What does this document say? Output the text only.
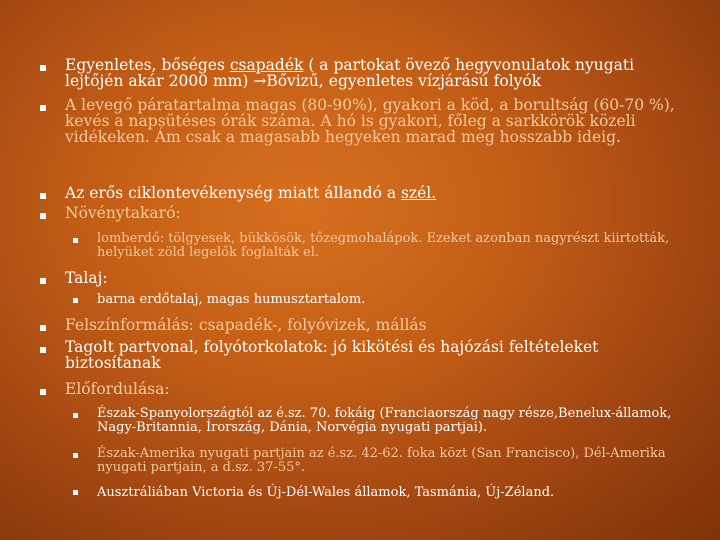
Egyenletes, bőséges csapadék ( a partokat övező hegyvonulatok nyugati lejtőjén akár 2000 mm) →Bővizű, egyenletes vízjárású folyók
A levegő páratartalma magas (80-90%), gyakori a köd, a borultság (60-70 %), kevés a napsütéses órák száma. A hó is gyakori, főleg a sarkkörök közeli vidékeken. Ám csak a magasabb hegyeken marad meg hosszabb ideig.
Az erős ciklontevékenység miatt állandó a szél.
Növénytakaró:
lomberdő: tölgyesek, bükkösök, tőzegmohalápok. Ezeket azonban nagyrészt kiirtották, helyüket zöld legelők foglalták el.
Talaj:
barna erdőtalaj, magas humusztartalom.
Felszínformálás: csapadék-, folyóvizek, mállás
Tagolt partvonal, folyótorkolatok: jó kikötési és hajózási feltételeket biztosítanak
Előfordulása:
Észak-Spanyolországtól az é.sz. 70. fokáig (Franciaország nagy része,Benelux-államok, Nagy-Britannia, Írország, Dánia, Norvégia nyugati partjai).
Észak-Amerika nyugati partjain az é.sz. 42-62. foka közt (San Francisco), Dél-Amerika nyugati partjain, a d.sz. 37-55°.
Ausztráliában Victoria és Új-Dél-Wales államok, Tasmánia, Új-Zéland.
